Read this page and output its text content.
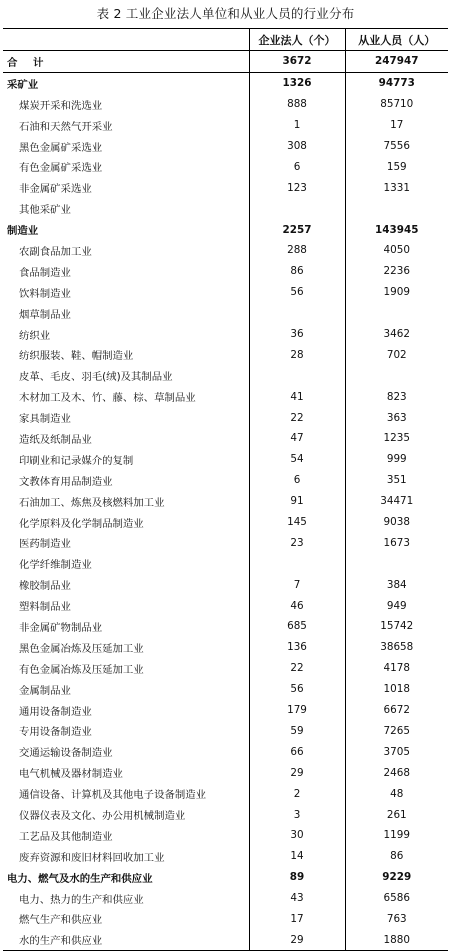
表 2 工业企业法人单位和从业人员的行业分布
	企业法人（个）	从业人员（人）
合 计	3672	247947
采矿业	1326	94773
煤炭开采和洗选业	888	85710
石油和天然气开采业	1	17
黑色金属矿采选业	308	7556
有色金属矿采选业	6	159
非金属矿采选业	123	1331
其他采矿业		
制造业	2257	143945
农副食品加工业	288	4050
食品制造业	86	2236
饮料制造业	56	1909
烟草制品业		
纺织业	36	3462
纺织服装、鞋、帽制造业	28	702
皮革、毛皮、羽毛(绒)及其制品业		
木材加工及木、竹、藤、棕、草制品业	41	823
家具制造业	22	363
造纸及纸制品业	47	1235
印刷业和记录媒介的复制	54	999
文教体育用品制造业	6	351
石油加工、炼焦及核燃料加工业	91	34471
化学原料及化学制品制造业	145	9038
医药制造业	23	1673
化学纤维制造业		
橡胶制品业	7	384
塑料制品业	46	949
非金属矿物制品业	685	15742
黑色金属冶炼及压延加工业	136	38658
有色金属冶炼及压延加工业	22	4178
金属制品业	56	1018
通用设备制造业	179	6672
专用设备制造业	59	7265
交通运输设备制造业	66	3705
电气机械及器材制造业	29	2468
通信设备、计算机及其他电子设备制造业	2	48
仪器仪表及文化、办公用机械制造业	3	261
工艺品及其他制造业	30	1199
废弃资源和废旧材料回收加工业	14	86
电力、燃气及水的生产和供应业	89	9229
电力、热力的生产和供应业	43	6586
燃气生产和供应业	17	763
水的生产和供应业	29	1880
